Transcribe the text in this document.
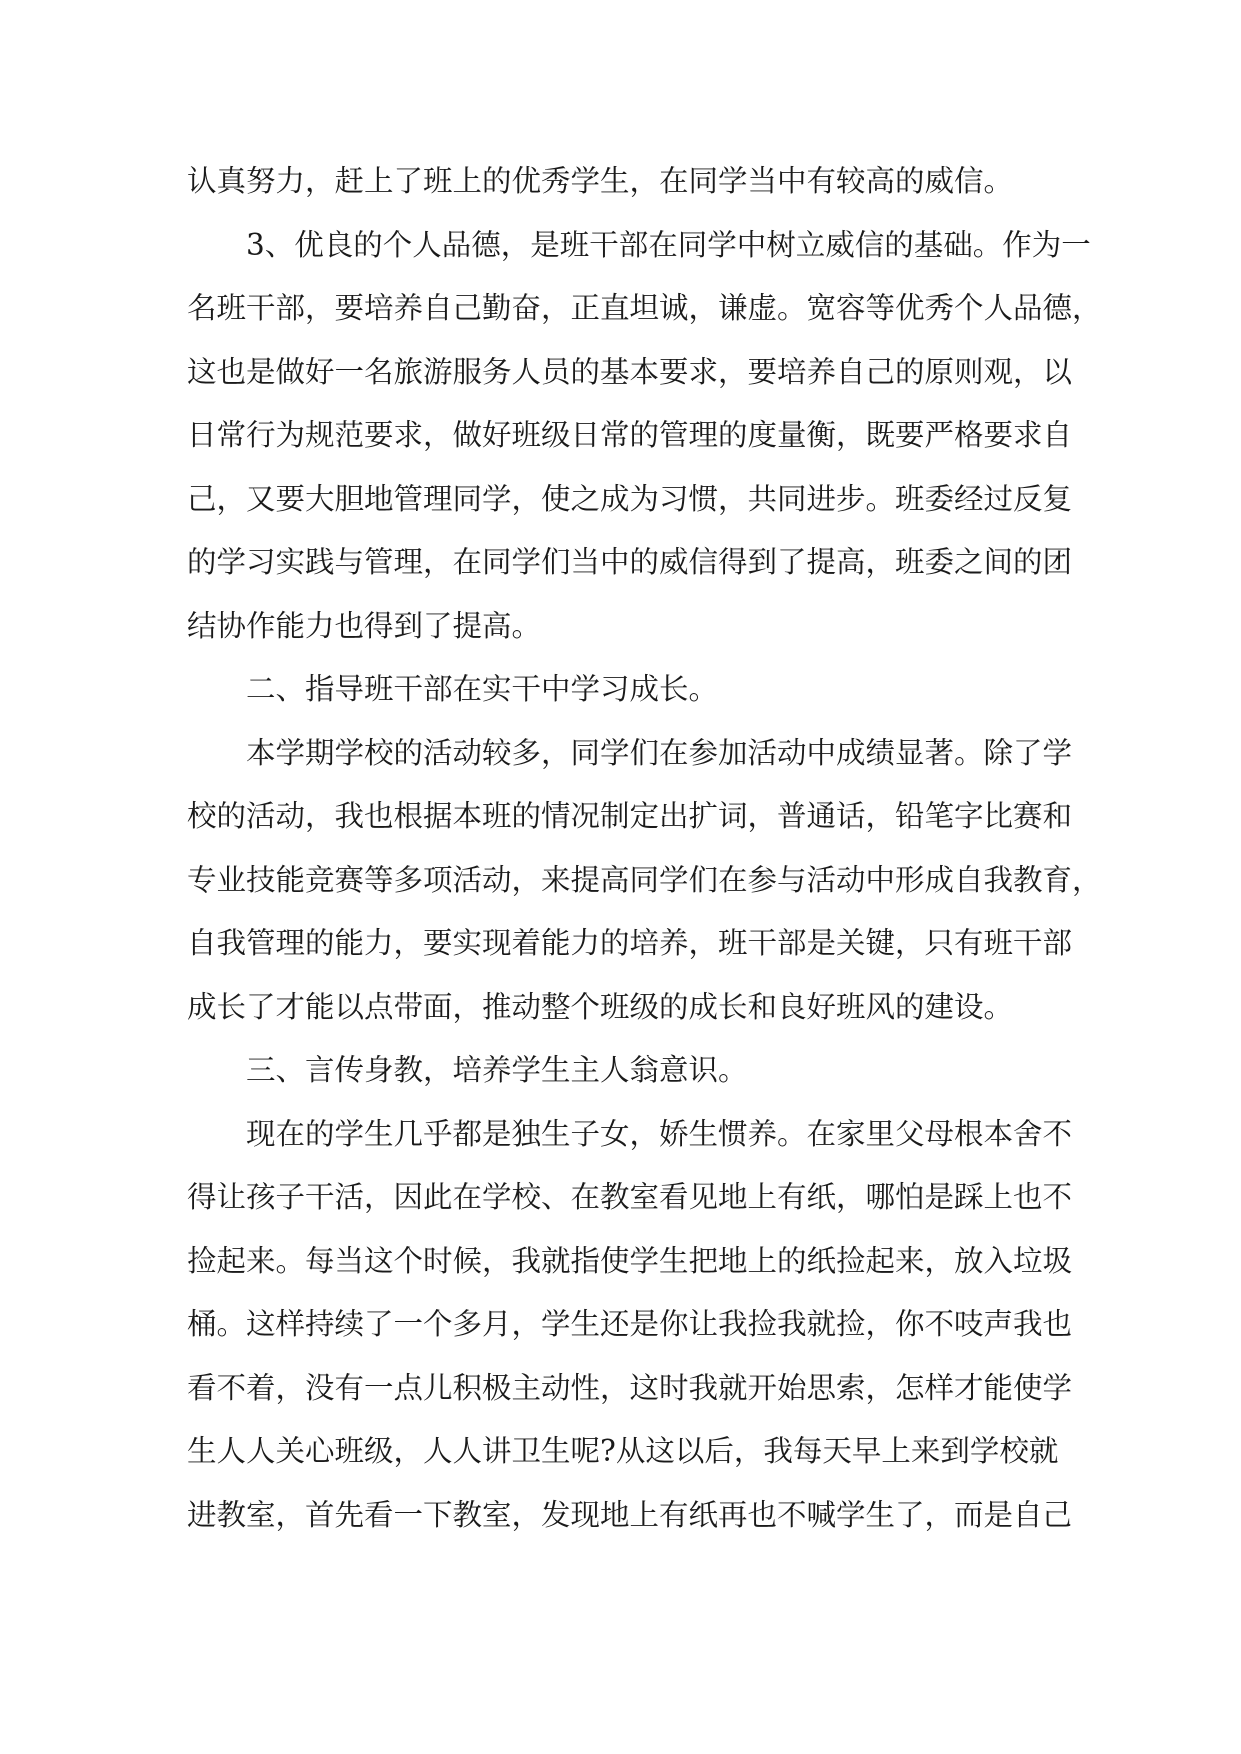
认真努力，赶上了班上的优秀学生，在同学当中有较高的威信。
3、优良的个人品德，是班干部在同学中树立威信的基础。作为一
名班干部，要培养自己勤奋，正直坦诚，谦虚。宽容等优秀个人品德，
这也是做好一名旅游服务人员的基本要求，要培养自己的原则观，以
日常行为规范要求，做好班级日常的管理的度量衡，既要严格要求自
己，又要大胆地管理同学，使之成为习惯，共同进步。班委经过反复
的学习实践与管理，在同学们当中的威信得到了提高，班委之间的团
结协作能力也得到了提高。
二、指导班干部在实干中学习成长。
本学期学校的活动较多，同学们在参加活动中成绩显著。除了学
校的活动，我也根据本班的情况制定出扩词，普通话，铅笔字比赛和
专业技能竞赛等多项活动，来提高同学们在参与活动中形成自我教育，
自我管理的能力，要实现着能力的培养，班干部是关键，只有班干部
成长了才能以点带面，推动整个班级的成长和良好班风的建设。
三、言传身教，培养学生主人翁意识。
现在的学生几乎都是独生子女，娇生惯养。在家里父母根本舍不
得让孩子干活，因此在学校、在教室看见地上有纸，哪怕是踩上也不
捡起来。每当这个时候，我就指使学生把地上的纸捡起来，放入垃圾
桶。这样持续了一个多月，学生还是你让我捡我就捡，你不吱声我也
看不着，没有一点儿积极主动性，这时我就开始思索，怎样才能使学
生人人关心班级，人人讲卫生呢?从这以后，我每天早上来到学校就
进教室，首先看一下教室，发现地上有纸再也不喊学生了，而是自己
